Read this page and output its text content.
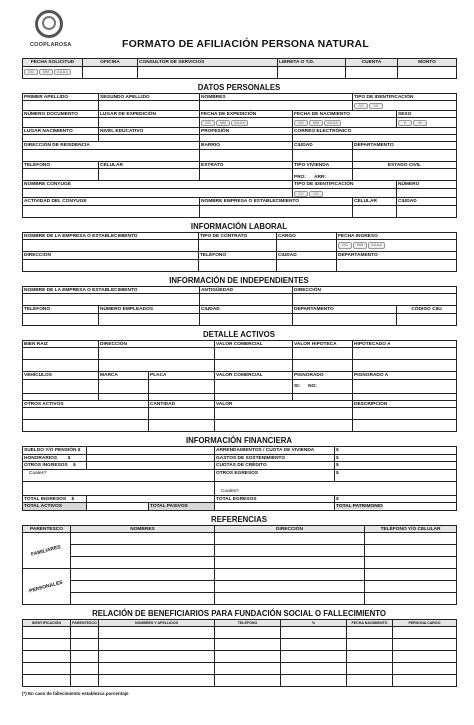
COOPLAROSA	FORMATO DE AFILIACIÓN PERSONA NATURAL
FECHA SOLICITUD	OFICINA	CONSULTOR DE SERVICIOS	LIBRETA O T.D.	CUENTA	MONTO
DD MM AAAA					
DATOS PERSONALES
PRIMER APELLIDO	SEGUNDO APELLIDO	NOMBRES		TIPO DE IDENTIFICACIÓN	
				CC CE	
NÚMERO DOCUMENTO	LUGAR DE EXPEDICIÓN	FECHA DE EXPEDICIÓN	FECHA DE NACIMIENTO		SEXO
		DD MM AAAA	DD MM AAAA		F M
LUGAR NACIMIENTO	NIVEL EDUCATIVO	PROFESIÓN	CORREO ELECTRÓNICO		

DIRECCIÓN DE RESIDENCIA		BARRIO	CIUDAD	DEPARTAMENTO	

TELÉFONO	CELULAR	ESTRATO	TIPO VIVIENDA	ESTADO CIVIL	
			PRO: ARR:		
NOMBRE CONYUGE			TIPO DE IDENTIFICACIÓN		NÚMERO
			CC CE		
ACTIVIDAD DEL CONYUGE		NOMBRE EMPRESA O ESTABLECIMIENTO		CELULAR	CIUDAD

INFORMACIÓN LABORAL
NOMBRE DE LA EMPRESA O ESTABLECIMIENTO	TIPO DE CONTRATO	CARGO	FECHA INGRESO
			DD MM AAAA
DIRECCIÓN	TELÉFONO	CIUDAD	DEPARTAMENTO

INFORMACIÓN DE INDEPENDIENTES
NOMBRE DE LA EMPRESA O ESTABLECIMIENTO		ANTIGÜEDAD	DIRECCIÓN	

TELÉFONO	NÚMERO EMPLEADOS	CIUDAD	DEPARTAMENTO	CÓDIGO CIIU

DETALLE ACTIVOS
BIEN RAIZ	DIRECCIÓN		VALOR COMERCIAL	VALOR HIPOTECA	HIPOTECADO A

VEHÍCULOS	MARCA	PLACA	VALOR COMERCIAL	PIGNORADO	PIGNORADO A
				SI: NO:	

OTROS ACTIVOS		CANTIDAD	VALOR		DESCRIPCIÓN

INFORMACIÓN FINANCIERA
SUELDO Y/O PENSIÓN $			ARRENDAMIENTOS / CUOTA DE VIVIENDA	$
HONORARIOS $			GASTOS DE SOSTENIMIENTO	$
OTROS INGRESOS $			CUOTAS DE CRÉDITO	$
Cuales?			OTROS EGRESOS	$
			Cuales?	
TOTAL INGRESOS $			TOTAL EGRESOS	$
TOTAL ACTIVOS		TOTAL PASIVOS		TOTAL PATRIMONIO
REFERENCIAS
PARENTESCO	NOMBRES	DIRECCIÓN	TELÉFONO Y/O CELULAR
FAMILIARES			

PERSONALES			

RELACIÓN DE BENEFICIARIOS PARA FUNDACIÓN SOCIAL O FALLECIMIENTO
IDENTIFICACIÓN	PARENTESCO	NOMBRES Y APELLIDOS	TELÉFONO	%	FECHA NACIMIENTO	PERSONA CARGO

(*) En caso de fallecimiento establezca porcentaje
